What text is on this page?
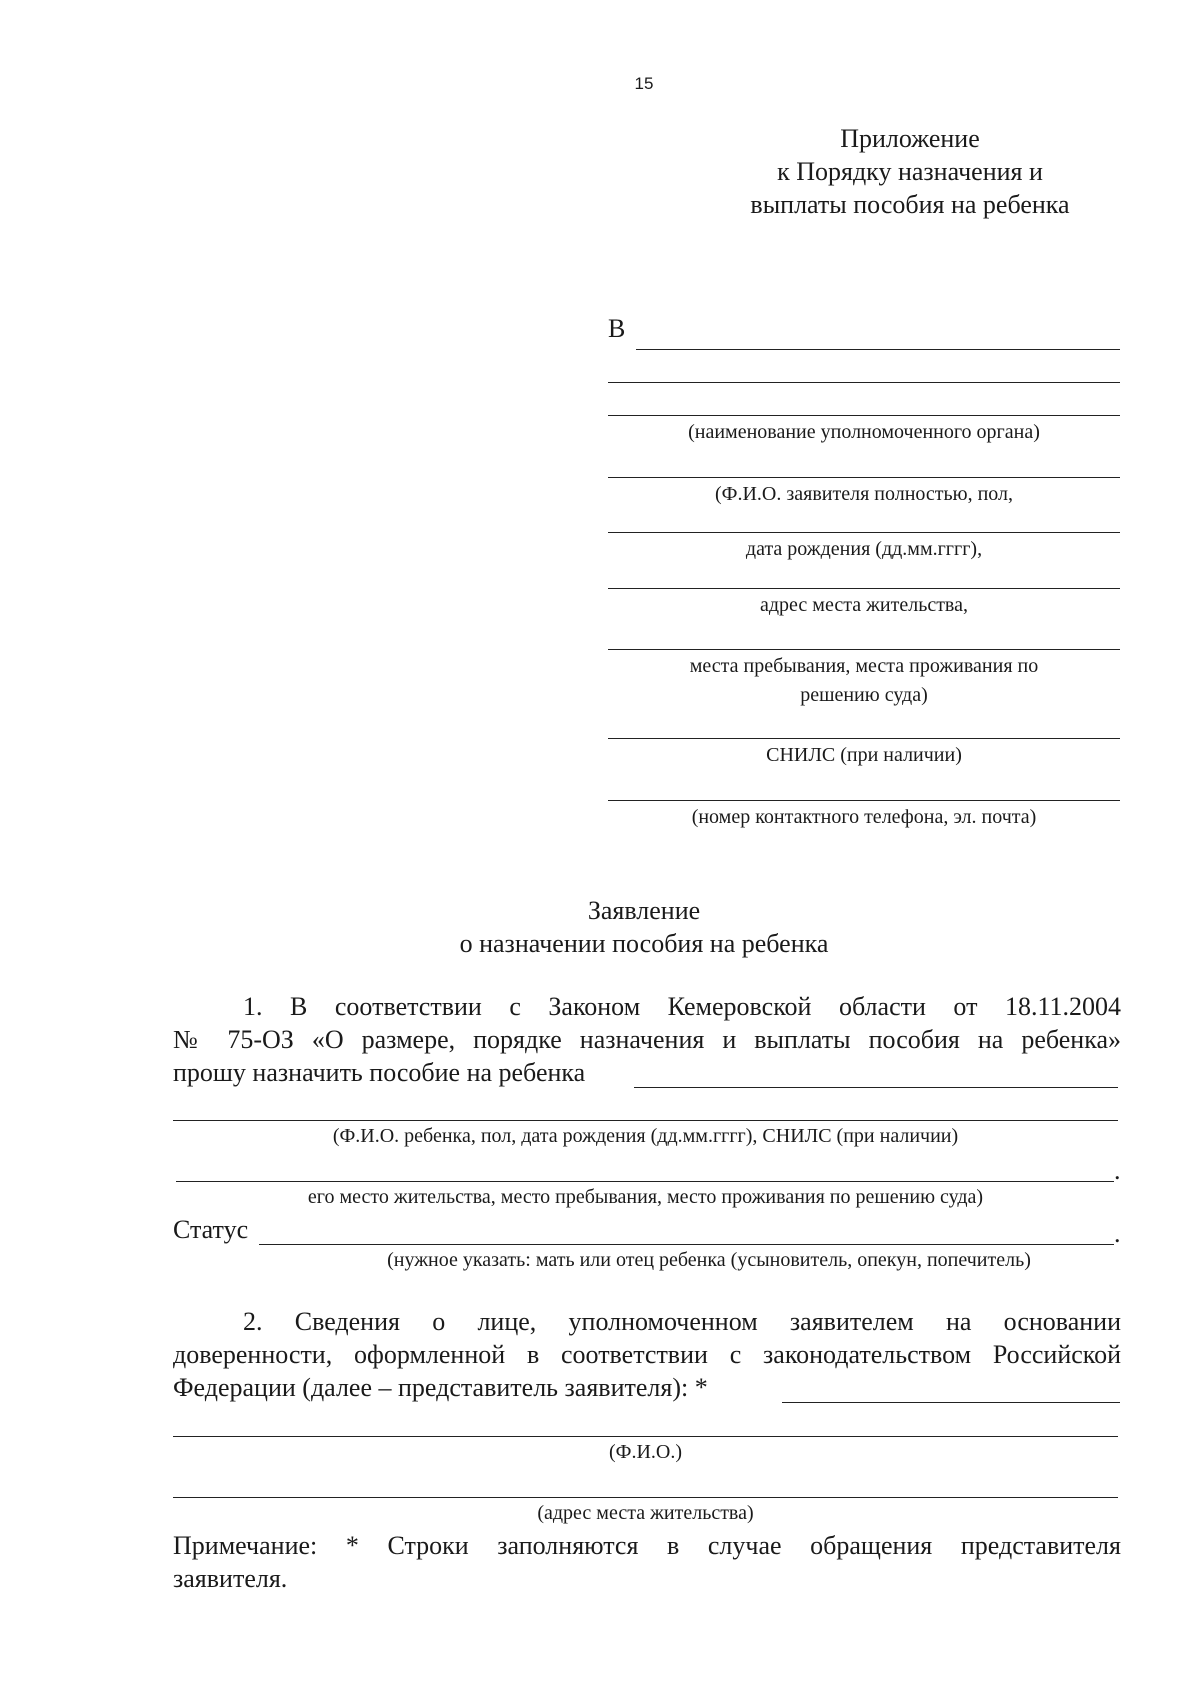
15
Приложение
к Порядку назначения и
выплаты пособия на ребенка
В
(наименование уполномоченного органа)
(Ф.И.О. заявителя полностью, пол,
дата рождения (дд.мм.гггг),
адрес места жительства,
места пребывания, места проживания по
решению суда)
СНИЛС (при наличии)
(номер контактного телефона, эл. почта)
Заявление
о назначении пособия на ребенка
1. В соответствии с Законом Кемеровской области от 18.11.2004
№ 75-ОЗ «О размере, порядке назначения и выплаты пособия на ребенка»
прошу назначить пособие на ребенка
(Ф.И.О. ребенка, пол, дата рождения (дд.мм.гггг), СНИЛС (при наличии)
.
его место жительства, место пребывания, место проживания по решению суда)
Статус	.
(нужное указать: мать или отец ребенка (усыновитель, опекун, попечитель)
2. Сведения о лице, уполномоченном заявителем на основании
доверенности, оформленной в соответствии с законодательством Российской
Федерации (далее – представитель заявителя): *
(Ф.И.О.)
(адрес места жительства)
Примечание: * Строки заполняются в случае обращения представителя
заявителя.
